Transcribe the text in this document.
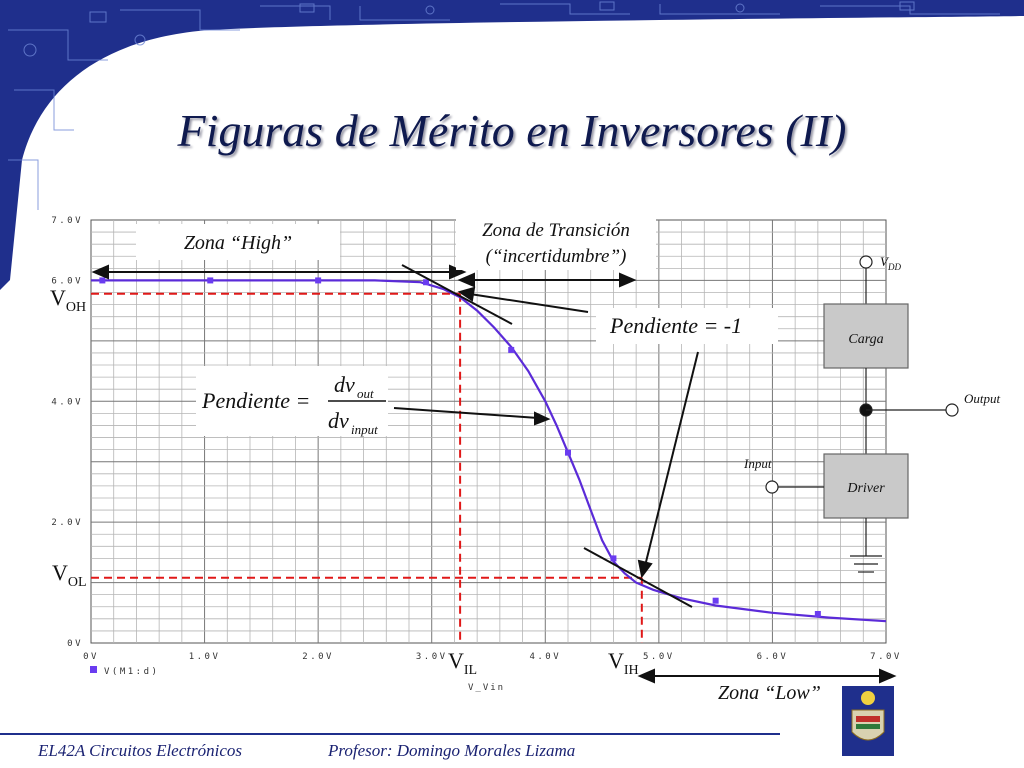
0V	1.0V	2.0V	3.0V	4.0V	5.0V	6.0V	7.0V
0V
2.0V
4.0V
6.0V
7.0V
V(M1:d)
V_Vin
Zona “High”
Zona de Transición
(“incertidumbre”)
Pendiente = -1
Pendiente =
dv out
dv input
Zona “Low”
$V_{OH}$
$V_{OL}$
$V_{IL}$	$V_{IH}$
$V_{DD}$
Carga
Driver
Input
Output
Figuras de Mérito en Inversores (II)
EL42A Circuitos Electrónicos	Profesor: Domingo Morales Lizama
